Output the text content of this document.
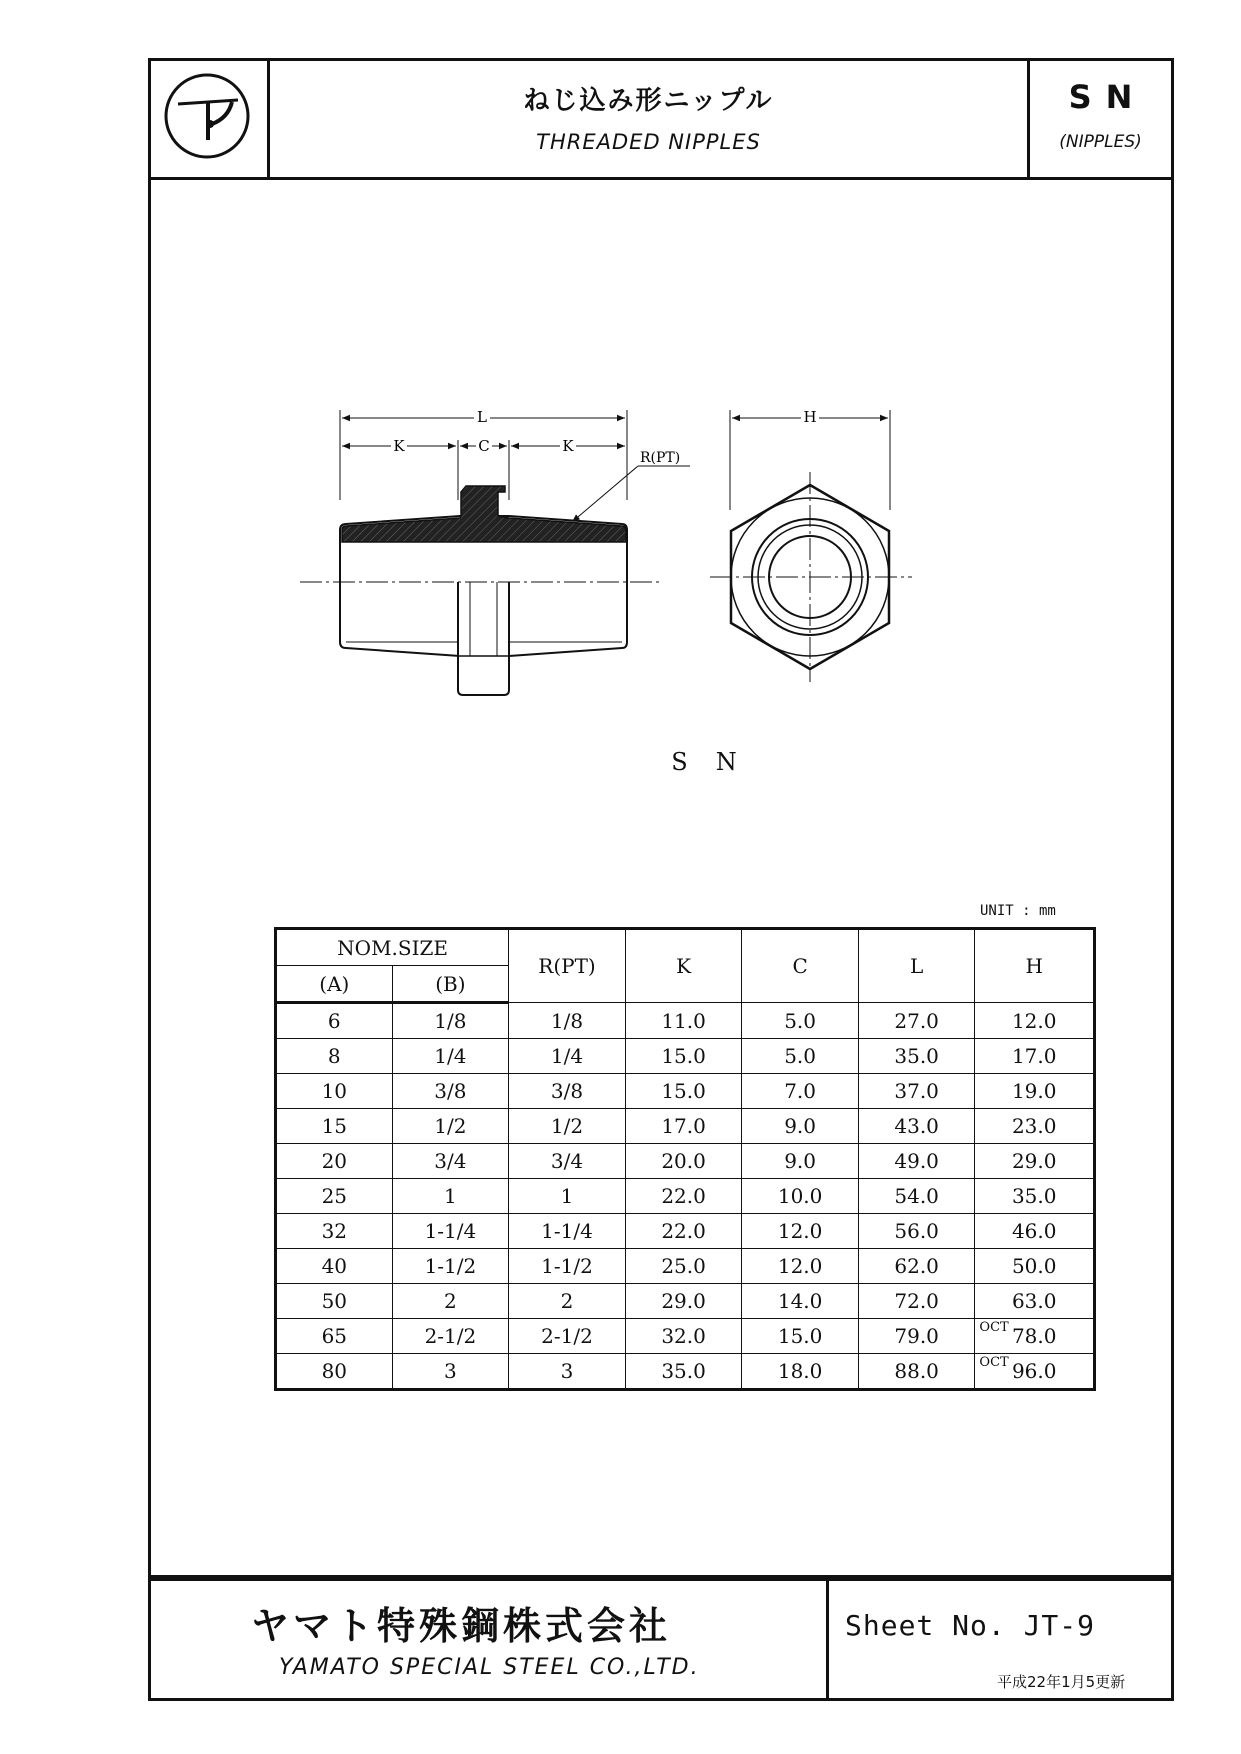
ねじ込み形ニップル
THREADED NIPPLES
SN
(NIPPLES)
L
K	C	K
R(PT)
H
SN
UNIT : mm
NOM.SIZE		R(PT)	K	C	L	H
(A)	(B)					
6	1/8	1/8	11.0	5.0	27.0	12.0
8	1/4	1/4	15.0	5.0	35.0	17.0
10	3/8	3/8	15.0	7.0	37.0	19.0
15	1/2	1/2	17.0	9.0	43.0	23.0
20	3/4	3/4	20.0	9.0	49.0	29.0
25	1	1	22.0	10.0	54.0	35.0
32	1-1/4	1-1/4	22.0	12.0	56.0	46.0
40	1-1/2	1-1/2	25.0	12.0	62.0	50.0
50	2	2	29.0	14.0	72.0	63.0
65	2-1/2	2-1/2	32.0	15.0	79.0	OCT 78.0
80	3	3	35.0	18.0	88.0	OCT 96.0
ヤマト特殊鋼株式会社
YAMATO SPECIAL STEEL CO.,LTD.
Sheet No. JT-9
平成22年1月5更新
